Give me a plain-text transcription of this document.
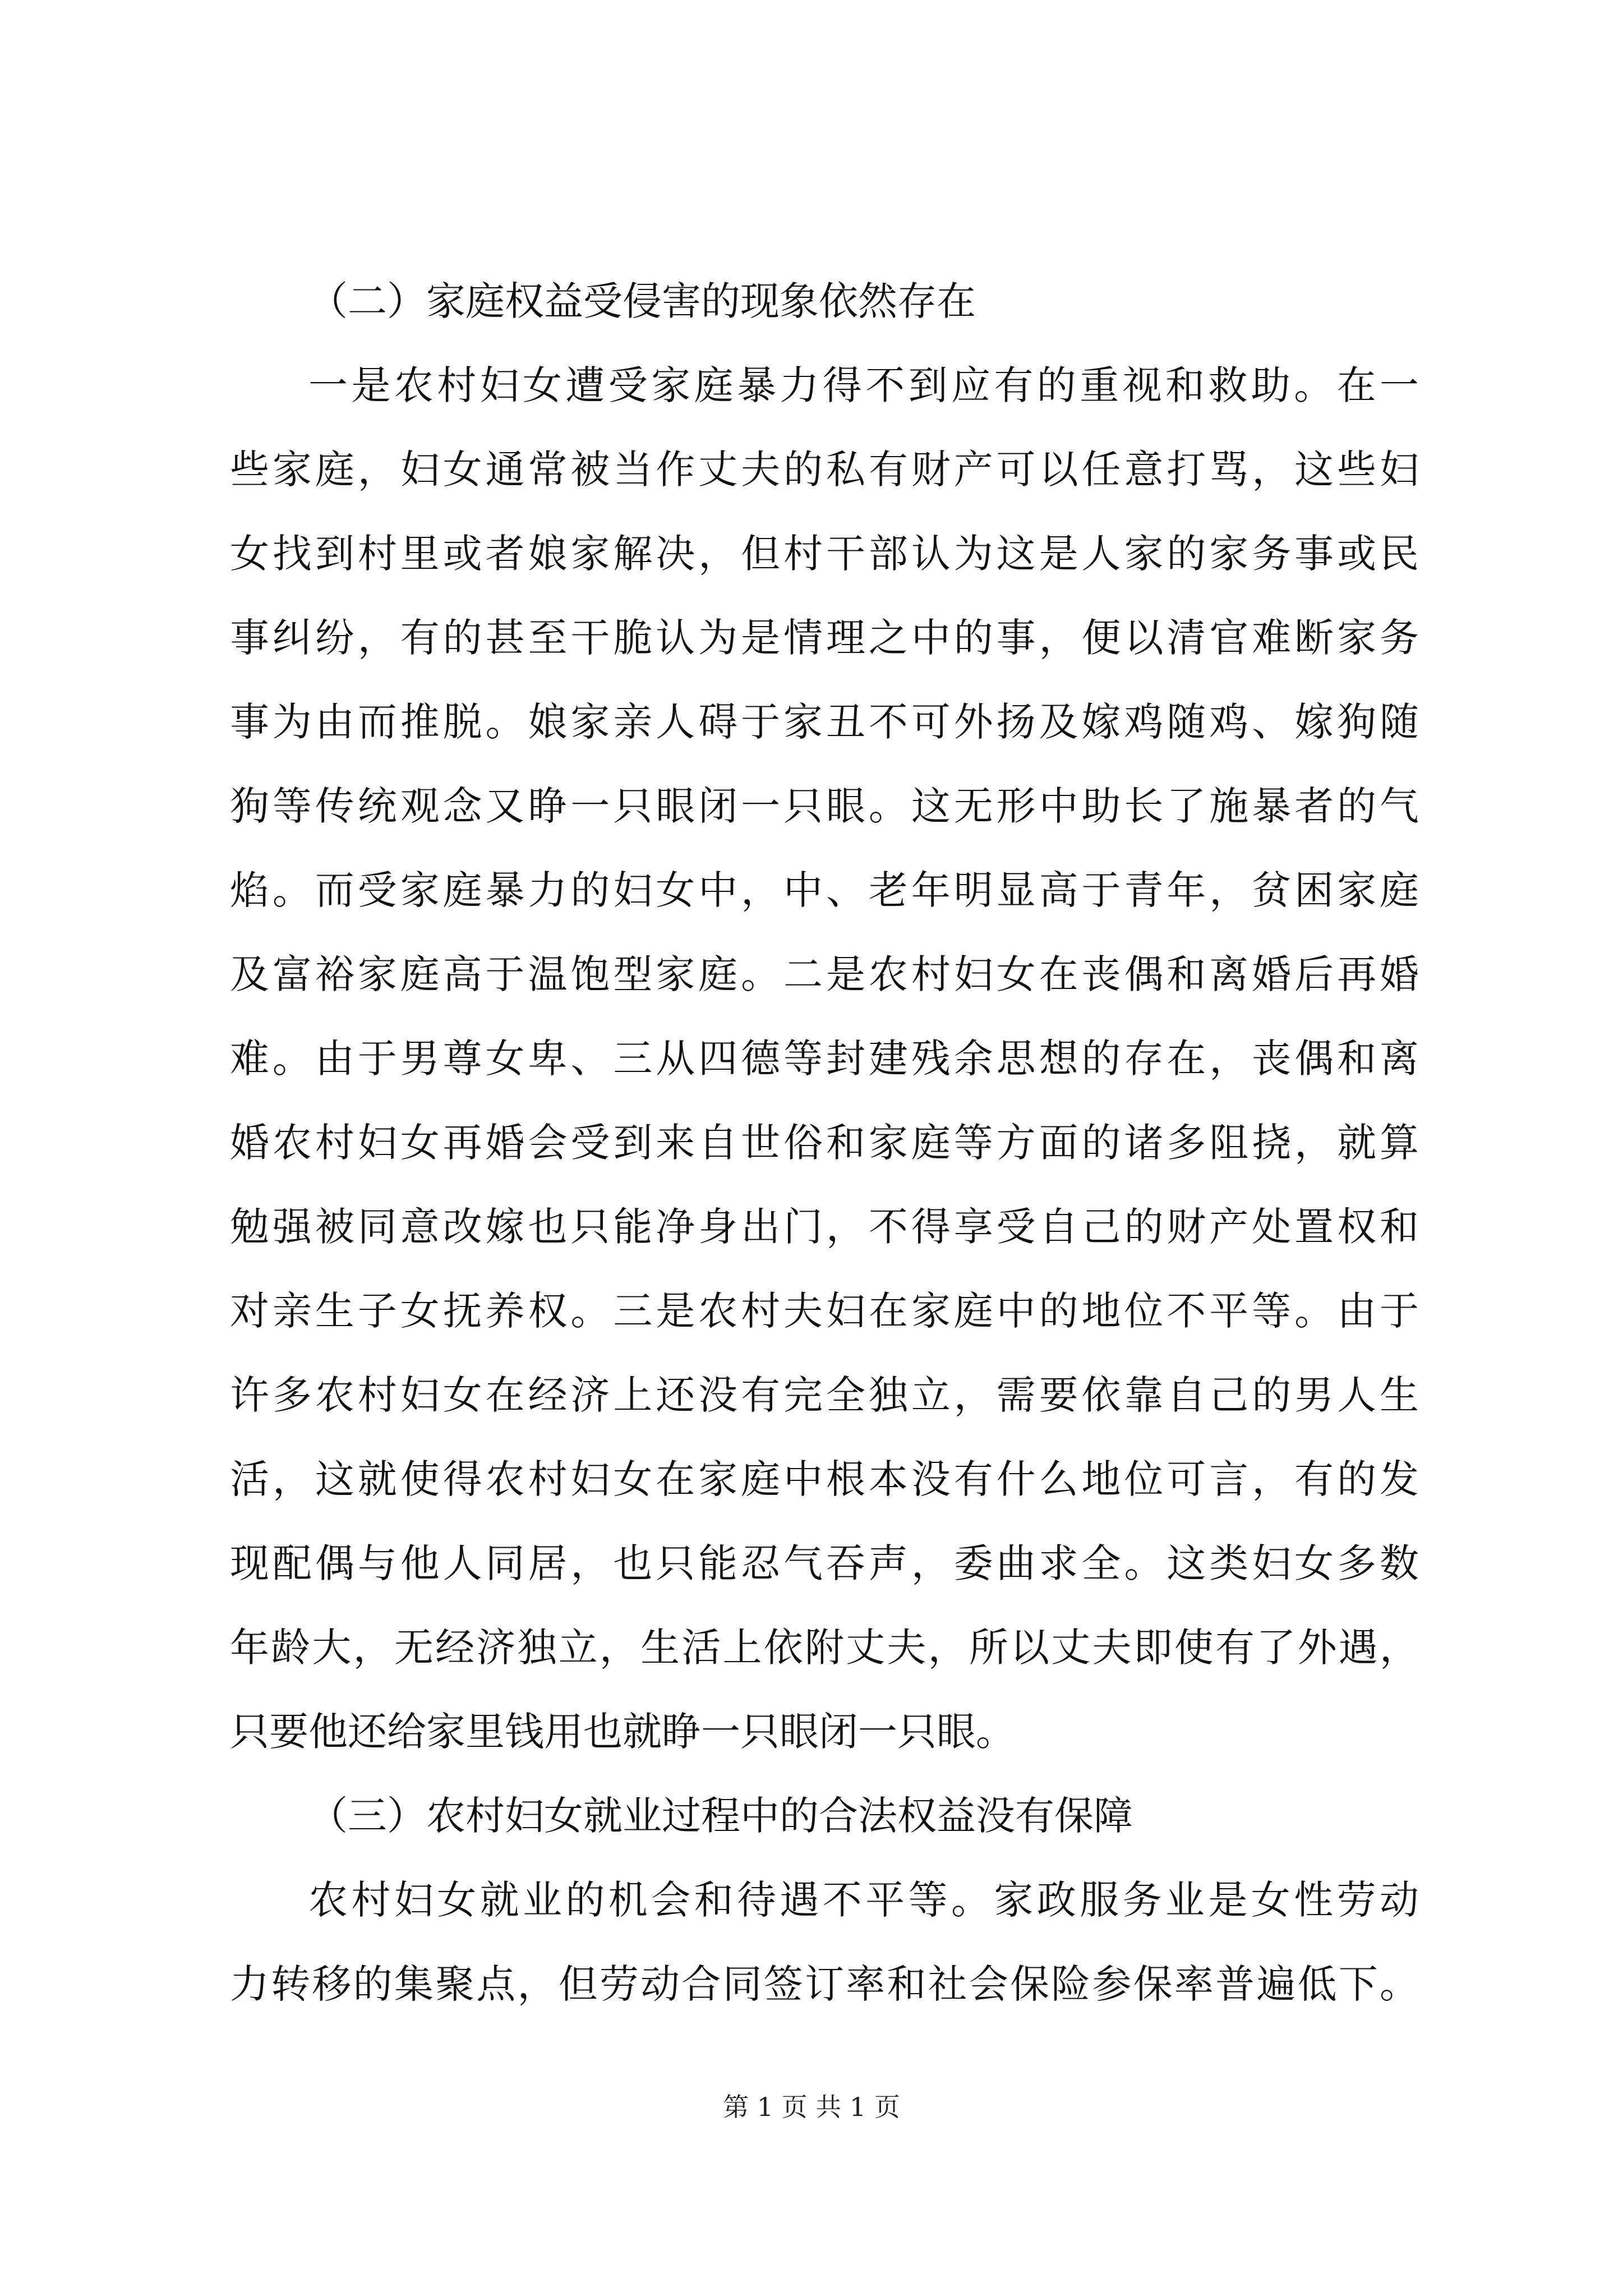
（二）家庭权益受侵害的现象依然存在
一是农村妇女遭受家庭暴力得不到应有的重视和救助。在一
些家庭，妇女通常被当作丈夫的私有财产可以任意打骂，这些妇
女找到村里或者娘家解决，但村干部认为这是人家的家务事或民
事纠纷，有的甚至干脆认为是情理之中的事，便以清官难断家务
事为由而推脱。娘家亲人碍于家丑不可外扬及嫁鸡随鸡、嫁狗随
狗等传统观念又睁一只眼闭一只眼。这无形中助长了施暴者的气
焰。而受家庭暴力的妇女中，中、老年明显高于青年，贫困家庭
及富裕家庭高于温饱型家庭。二是农村妇女在丧偶和离婚后再婚
难。由于男尊女卑、三从四德等封建残余思想的存在，丧偶和离
婚农村妇女再婚会受到来自世俗和家庭等方面的诸多阻挠，就算
勉强被同意改嫁也只能净身出门，不得享受自己的财产处置权和
对亲生子女抚养权。三是农村夫妇在家庭中的地位不平等。由于
许多农村妇女在经济上还没有完全独立，需要依靠自己的男人生
活，这就使得农村妇女在家庭中根本没有什么地位可言，有的发
现配偶与他人同居，也只能忍气吞声，委曲求全。这类妇女多数
年龄大，无经济独立，生活上依附丈夫，所以丈夫即使有了外遇，
只要他还给家里钱用也就睁一只眼闭一只眼。
（三）农村妇女就业过程中的合法权益没有保障
农村妇女就业的机会和待遇不平等。家政服务业是女性劳动
力转移的集聚点，但劳动合同签订率和社会保险参保率普遍低下。
第 1 页 共 1 页
